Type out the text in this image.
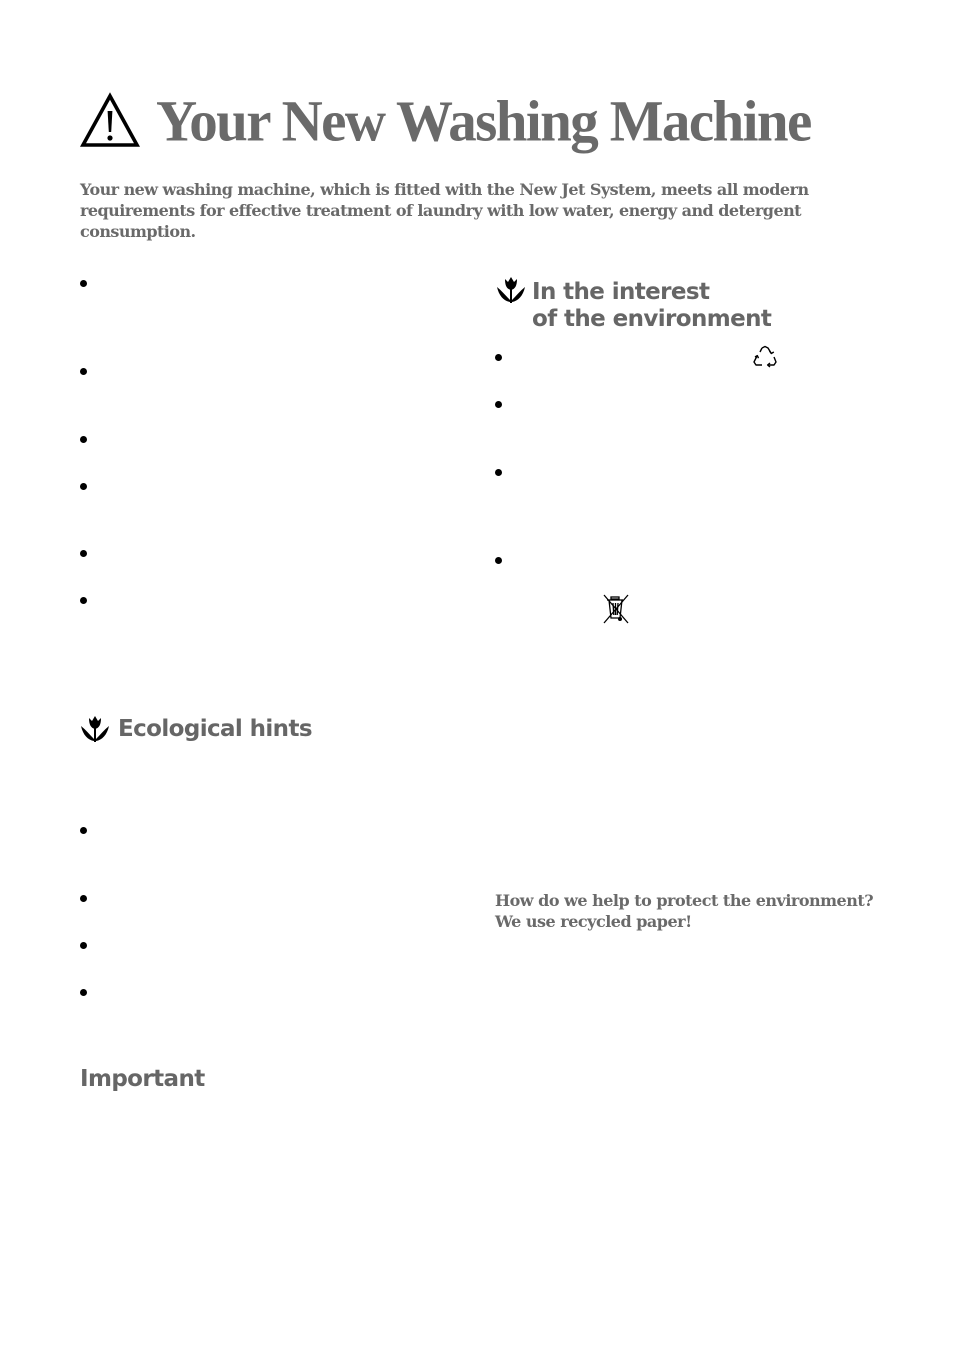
Your New Washing Machine

Your new washing machine, which is fitted with the New Jet System, meets all modern requirements for effective treatment of laundry with low water, energy and detergent consumption.

In the interest
of the environment
Ecological hints
Important

How do we help to protect the environment?
We use recycled paper!
